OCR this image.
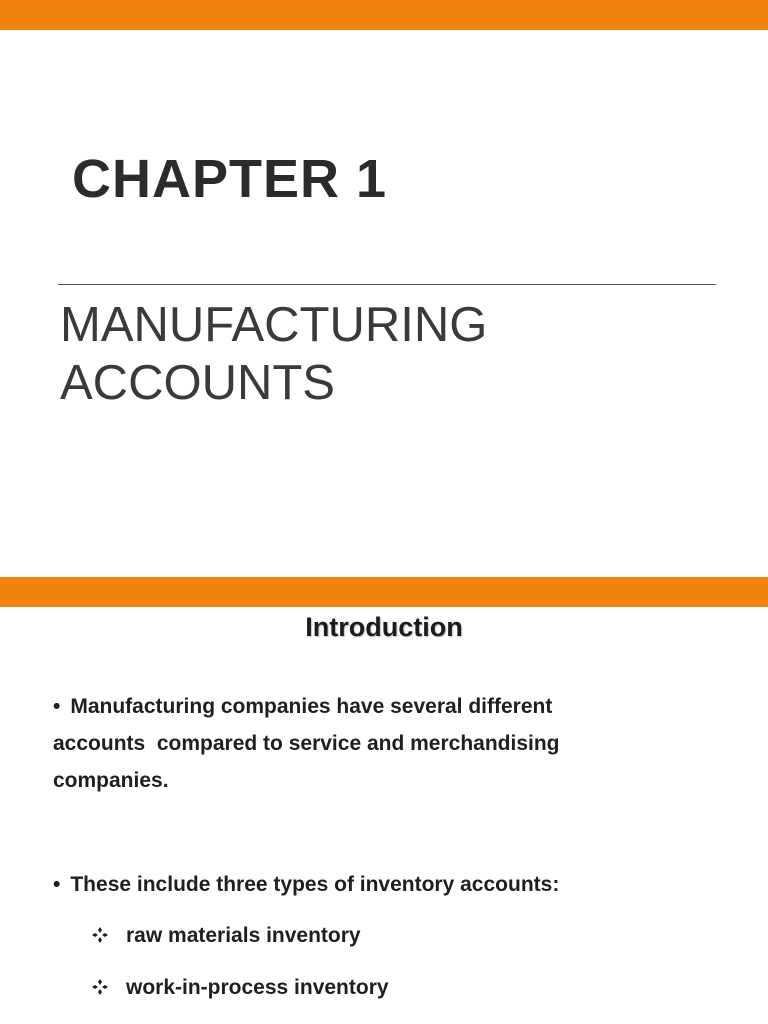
CHAPTER 1
MANUFACTURING
ACCOUNTS
Introduction
• Manufacturing companies have several different
accounts  compared to service and merchandising
companies.
• These include three types of inventory accounts:
raw materials inventory
work-in-process inventory
